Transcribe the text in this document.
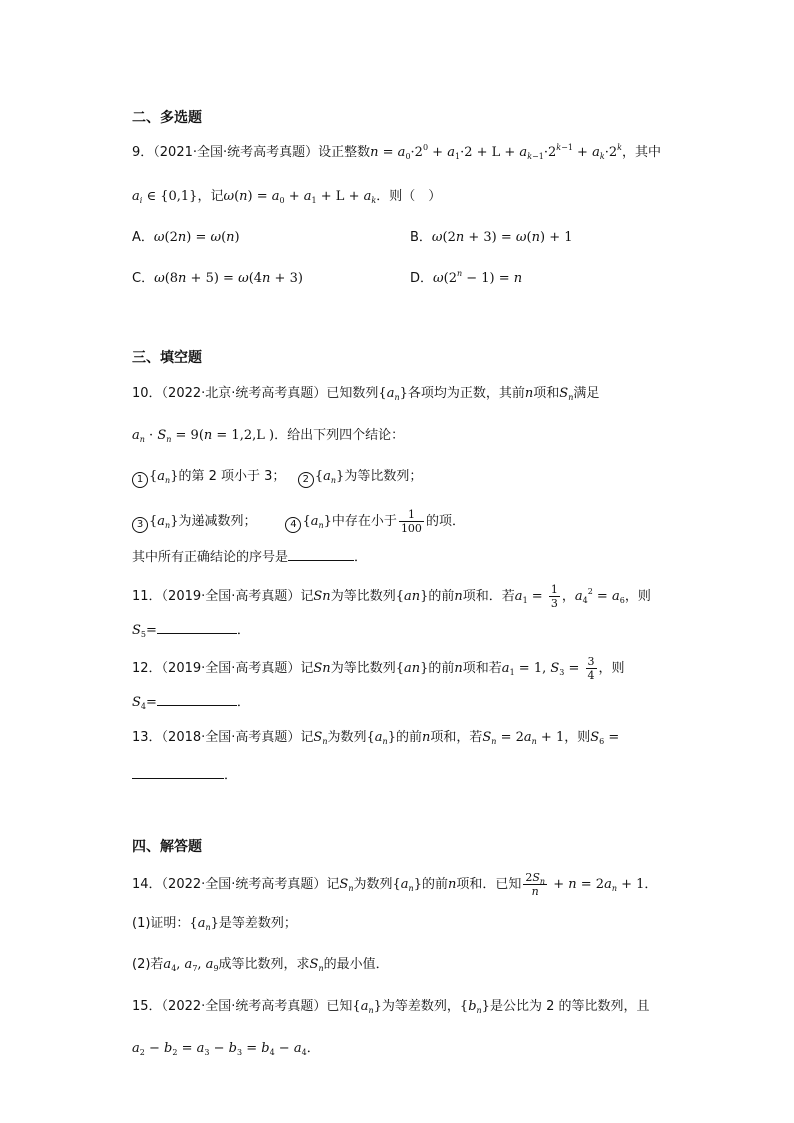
二、多选题
9．（2021·全国·统考高考真题）设正整数$n = a_0\cdot 2^0 + a_1\cdot 2 + L + a_{k-1}\cdot 2^{k-1} + a_k\cdot 2^k$，其中
$a_i$ ∈ {0,1}，记$\omega(n) = a_0 + a_1 + L + a_k$．则（　）
A．ω(2n) = ω(n)	B．ω(2n + 3) = ω(n) + 1
C．ω(8n + 5) = ω(4n + 3)	D．$\omega(2^n - 1) = n$
三、填空题
10．（2022·北京·统考高考真题）已知数列$\{a_n\}$各项均为正数，其前n项和$S_n$满足
$a_n \cdot S_n = 9(n = 1,2,L$ )．给出下列四个结论：
1 $\{a_n\}$的第 2 项小于 3； 2 $\{a_n\}$为等比数列；
3 $\{a_n\}$为递减数列；	4 $\{a_n\}$中存在小于 $\frac{1}{100}$ 的项．
其中所有正确结论的序号是	．
11．（2019·全国·高考真题）记Sn为等比数列{an}的前n项和．若$a_1 = \frac{1}{3}$ ，$a_4^2 = a_6$，则
$S_5=$	．
12．（2019·全国·高考真题）记Sn为等比数列{an}的前n项和若$a_1 = 1$, $S_3 = \frac{3}{4}$ ，则
$S_4=$	．
13．（2018·全国·高考真题）记$S_n$为数列$\{a_n\}$的前n项和，若$S_n = 2a_n + 1$，则$S_6$ =
．
四、解答题
14．（2022·全国·统考高考真题）记$S_n$为数列$\{a_n\}$的前n项和．已知 $\frac{2S_n}{n} + n = 2a_n + 1$．
(1)证明：$\{a_n\}$是等差数列；
(2)若$a_4$, $a_7$, $a_9$成等比数列，求$S_n$的最小值．
15．（2022·全国·统考高考真题）已知$\{a_n\}$为等差数列，$\{b_n\}$是公比为 2 的等比数列，且
$a_2 - b_2 = a_3 - b_3 = b_4 - a_4$．
